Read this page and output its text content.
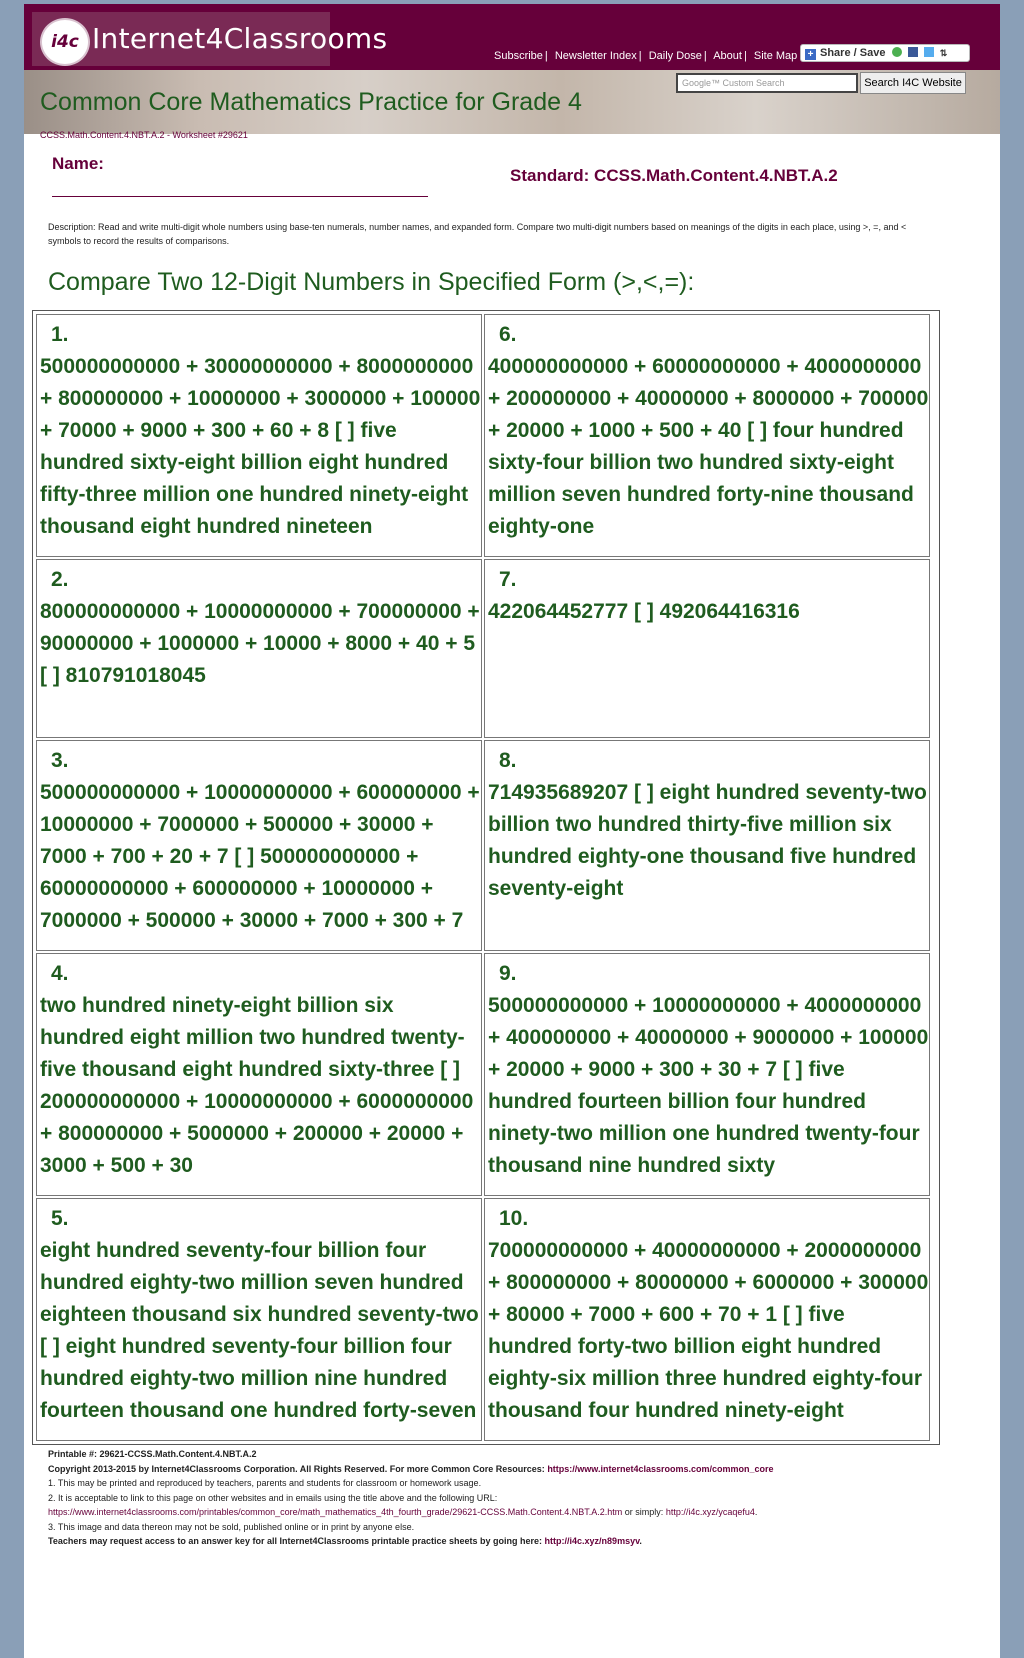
i4c Internet4Classrooms
Subscribe | Newsletter Index | Daily Dose | About | Site Map	+ Share / Save	⇅
Google™ Custom Search	Search I4C Website
Common Core Mathematics Practice for Grade 4
CCSS.Math.Content.4.NBT.A.2 - Worksheet #29621
Name:
Standard: CCSS.Math.Content.4.NBT.A.2
Description: Read and write multi-digit whole numbers using base-ten numerals, number names, and expanded form. Compare two multi-digit numbers based on meanings of the digits in each place, using >, =, and < symbols to record the results of comparisons.
Compare Two 12-Digit Numbers in Specified Form (>,<,=):
1.
500000000000 + 30000000000 + 8000000000 + 800000000 + 10000000 + 3000000 + 100000 + 70000 + 9000 + 300 + 60 + 8 [ ] five hundred sixty-eight billion eight hundred fifty-three million one hundred ninety-eight thousand eight hundred nineteen
6.
400000000000 + 60000000000 + 4000000000 + 200000000 + 40000000 + 8000000 + 700000 + 20000 + 1000 + 500 + 40 [ ] four hundred sixty-four billion two hundred sixty-eight million seven hundred forty-nine thousand eighty-one
2.
800000000000 + 10000000000 + 700000000 + 90000000 + 1000000 + 10000 + 8000 + 40 + 5 [ ] 810791018045
7.
422064452777 [ ] 492064416316
3.
500000000000 + 10000000000 + 600000000 + 10000000 + 7000000 + 500000 + 30000 + 7000 + 700 + 20 + 7 [ ] 500000000000 + 60000000000 + 600000000 + 10000000 + 7000000 + 500000 + 30000 + 7000 + 300 + 7
8.
714935689207 [ ] eight hundred seventy-two billion two hundred thirty-five million six hundred eighty-one thousand five hundred seventy-eight
4.
two hundred ninety-eight billion six hundred eight million two hundred twenty-five thousand eight hundred sixty-three [ ] 200000000000 + 10000000000 + 6000000000 + 800000000 + 5000000 + 200000 + 20000 + 3000 + 500 + 30
9.
500000000000 + 10000000000 + 4000000000 + 400000000 + 40000000 + 9000000 + 100000 + 20000 + 9000 + 300 + 30 + 7 [ ] five hundred fourteen billion four hundred ninety-two million one hundred twenty-four thousand nine hundred sixty
5.
eight hundred seventy-four billion four hundred eighty-two million seven hundred eighteen thousand six hundred seventy-two [ ] eight hundred seventy-four billion four hundred eighty-two million nine hundred fourteen thousand one hundred forty-seven
10.
700000000000 + 40000000000 + 2000000000 + 800000000 + 80000000 + 6000000 + 300000 + 80000 + 7000 + 600 + 70 + 1 [ ] five hundred forty-two billion eight hundred eighty-six million three hundred eighty-four thousand four hundred ninety-eight
Printable #: 29621-CCSS.Math.Content.4.NBT.A.2
Copyright 2013-2015 by Internet4Classrooms Corporation. All Rights Reserved. For more Common Core Resources: https://www.internet4classrooms.com/common_core
1. This may be printed and reproduced by teachers, parents and students for classroom or homework usage.
2. It is acceptable to link to this page on other websites and in emails using the title above and the following URL:
https://www.internet4classrooms.com/printables/common_core/math_mathematics_4th_fourth_grade/29621-CCSS.Math.Content.4.NBT.A.2.htm or simply: http://i4c.xyz/ycaqefu4.
3. This image and data thereon may not be sold, published online or in print by anyone else.
Teachers may request access to an answer key for all Internet4Classrooms printable practice sheets by going here: http://i4c.xyz/n89msyv.
